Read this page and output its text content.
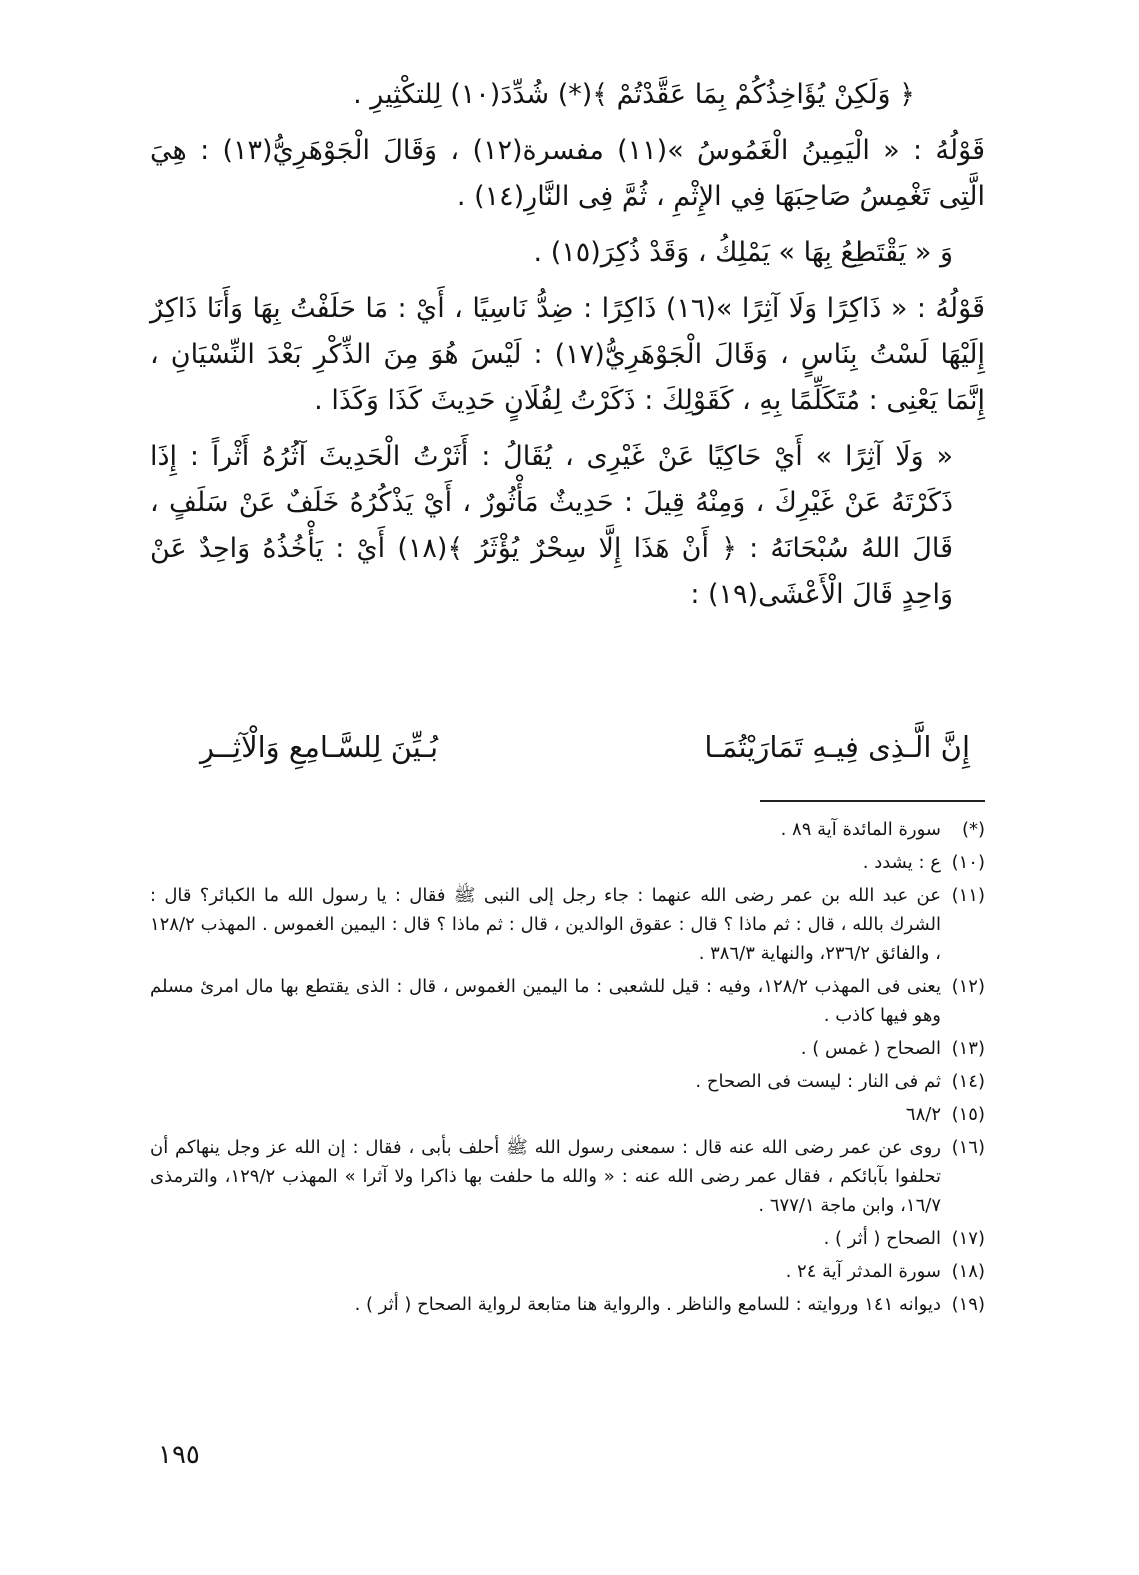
﴿ وَلَكِنْ يُؤَاخِذُكُمْ بِمَا عَقَّدْتُمْ ﴾(*) شُدِّدَ(١٠) لِلتكْثِيرِ .

قَوْلُهُ : « الْيَمِينُ الْغَمُوسُ »(١١) مفسرة(١٢) ، وَقَالَ الْجَوْهَرِيُّ(١٣) : هِيَ الَّتِى تَغْمِسُ صَاحِبَهَا فِي الإِثْمِ ، ثُمَّ فِى النَّارِ(١٤) .

وَ « يَقْتَطِعُ بِهَا » يَمْلِكُ ، وَقَدْ ذُكِرَ(١٥) .

قَوْلُهُ : « ذَاكِرًا وَلَا آثِرًا »(١٦) ذَاكِرًا : ضِدُّ نَاسِيًا ، أَيْ : مَا حَلَفْتُ بِهَا وَأَنَا ذَاكِرٌ إِلَيْهَا لَسْتُ بِنَاسٍ ، وَقَالَ الْجَوْهَرِيُّ(١٧) : لَيْسَ هُوَ مِنَ الذِّكْرِ بَعْدَ النِّسْيَانِ ، إِنَّمَا يَعْنِى : مُتَكَلِّمًا بِهِ ، كَقَوْلِكَ : ذَكَرْتُ لِفُلَانٍ حَدِيثَ كَذَا وَكَذَا .

« وَلَا آثِرًا » أَيْ حَاكِيًا عَنْ غَيْرِى ، يُقَالُ : أَثَرْتُ الْحَدِيثَ آثُرُهُ أَثْراً : إِذَا ذَكَرْتَهُ عَنْ غَيْرِكَ ، وَمِنْهُ قِيلَ : حَدِيثٌ مَأْثُورٌ ، أَيْ يَذْكُرُهُ خَلَفٌ عَنْ سَلَفٍ ، قَالَ اللهُ سُبْحَانَهُ : ﴿ أَنْ هَذَا إِلَّا سِحْرٌ يُؤْثَرُ ﴾(١٨) أَيْ : يَأْخُذُهُ وَاحِدٌ عَنْ وَاحِدٍ قَالَ الْأَعْشَى(١٩) :

إِنَّ الَّـذِى فِيـهِ تَمَارَيْتُمَـا
بُـيِّنَ لِلسَّـامِعِ وَالْآثِــرِ
(*)
سورة المائدة آية ٨٩ .
(١٠)
ع : يشدد .
(١١)
عن عبد الله بن عمر رضى الله عنهما : جاء رجل إلى النبى ﷺ فقال : يا رسول الله ما الكبائر؟ قال : الشرك بالله ، قال : ثم ماذا ؟ قال : عقوق الوالدين ، قال : ثم ماذا ؟ قال : اليمين الغموس . المهذب ١٢٨/٢ ، والفائق ٢٣٦/٢، والنهاية ٣٨٦/٣ .
(١٢)
يعنى فى المهذب ١٢٨/٢، وفيه : قيل للشعبى : ما اليمين الغموس ، قال : الذى يقتطع بها مال امرئ مسلم وهو فيها كاذب .
(١٣)
الصحاح ( غمس ) .
(١٤)
ثم فى النار : ليست فى الصحاح .
(١٥)
٦٨/٢
(١٦)
روى عن عمر رضى الله عنه قال : سمعنى رسول الله ﷺ أحلف بأبى ، فقال : إن الله عز وجل ينهاكم أن تحلفوا بآبائكم ، فقال عمر رضى الله عنه : « والله ما حلفت بها ذاكرا ولا آثرا » المهذب ١٢٩/٢، والترمذى ١٦/٧، وابن ماجة ٦٧٧/١ .
(١٧)
الصحاح ( أثر ) .
(١٨)
سورة المدثر آية ٢٤ .
(١٩)
ديوانه ١٤١ وروايته : للسامع والناظر . والرواية هنا متابعة لرواية الصحاح ( أثر ) .
١٩٥
